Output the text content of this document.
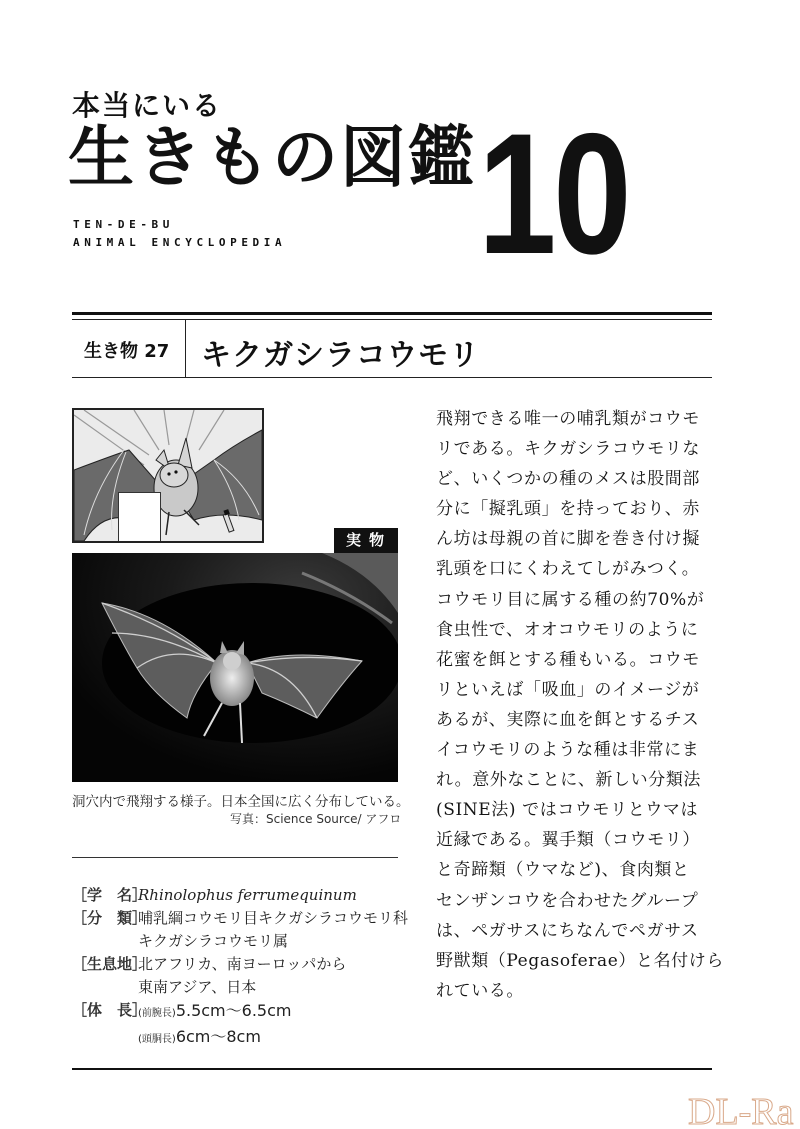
本当にいる
生きもの図鑑 10
TEN-DE-BU
ANIMAL ENCYCLOPEDIA
生き物 27 キクガシラコウモリ
実物
洞穴内で飛翔する様子。日本全国に広く分布している。
写真：Science Source/ アフロ
［学　名］
Rhinolophus ferrumequinum
［分　類］
哺乳綱コウモリ目キクガシラコウモリ科
キクガシラコウモリ属
［生息地］
北アフリカ、南ヨーロッパから
東南アジア、日本
［体　長］
(前腕長)5.5cm〜6.5cm
(頭胴長)6cm〜8cm
飛翔できる唯一の哺乳類がコウモ
リである。キクガシラコウモリな
ど、いくつかの種のメスは股間部
分に「擬乳頭」を持っており、赤
ん坊は母親の首に脚を巻き付け擬
乳頭を口にくわえてしがみつく。
コウモリ目に属する種の約70%が
食虫性で、オオコウモリのように
花蜜を餌とする種もいる。コウモ
リといえば「吸血」のイメージが
あるが、実際に血を餌とするチス
イコウモリのような種は非常にま
れ。意外なことに、新しい分類法
(SINE法) ではコウモリとウマは
近縁である。翼手類（コウモリ）
と奇蹄類（ウマなど)、食肉類と
センザンコウを合わせたグループ
は、ペガサスにちなんでペガサス
野獣類（Pegasoferae）と名付けら
れている。
DL-Ra
